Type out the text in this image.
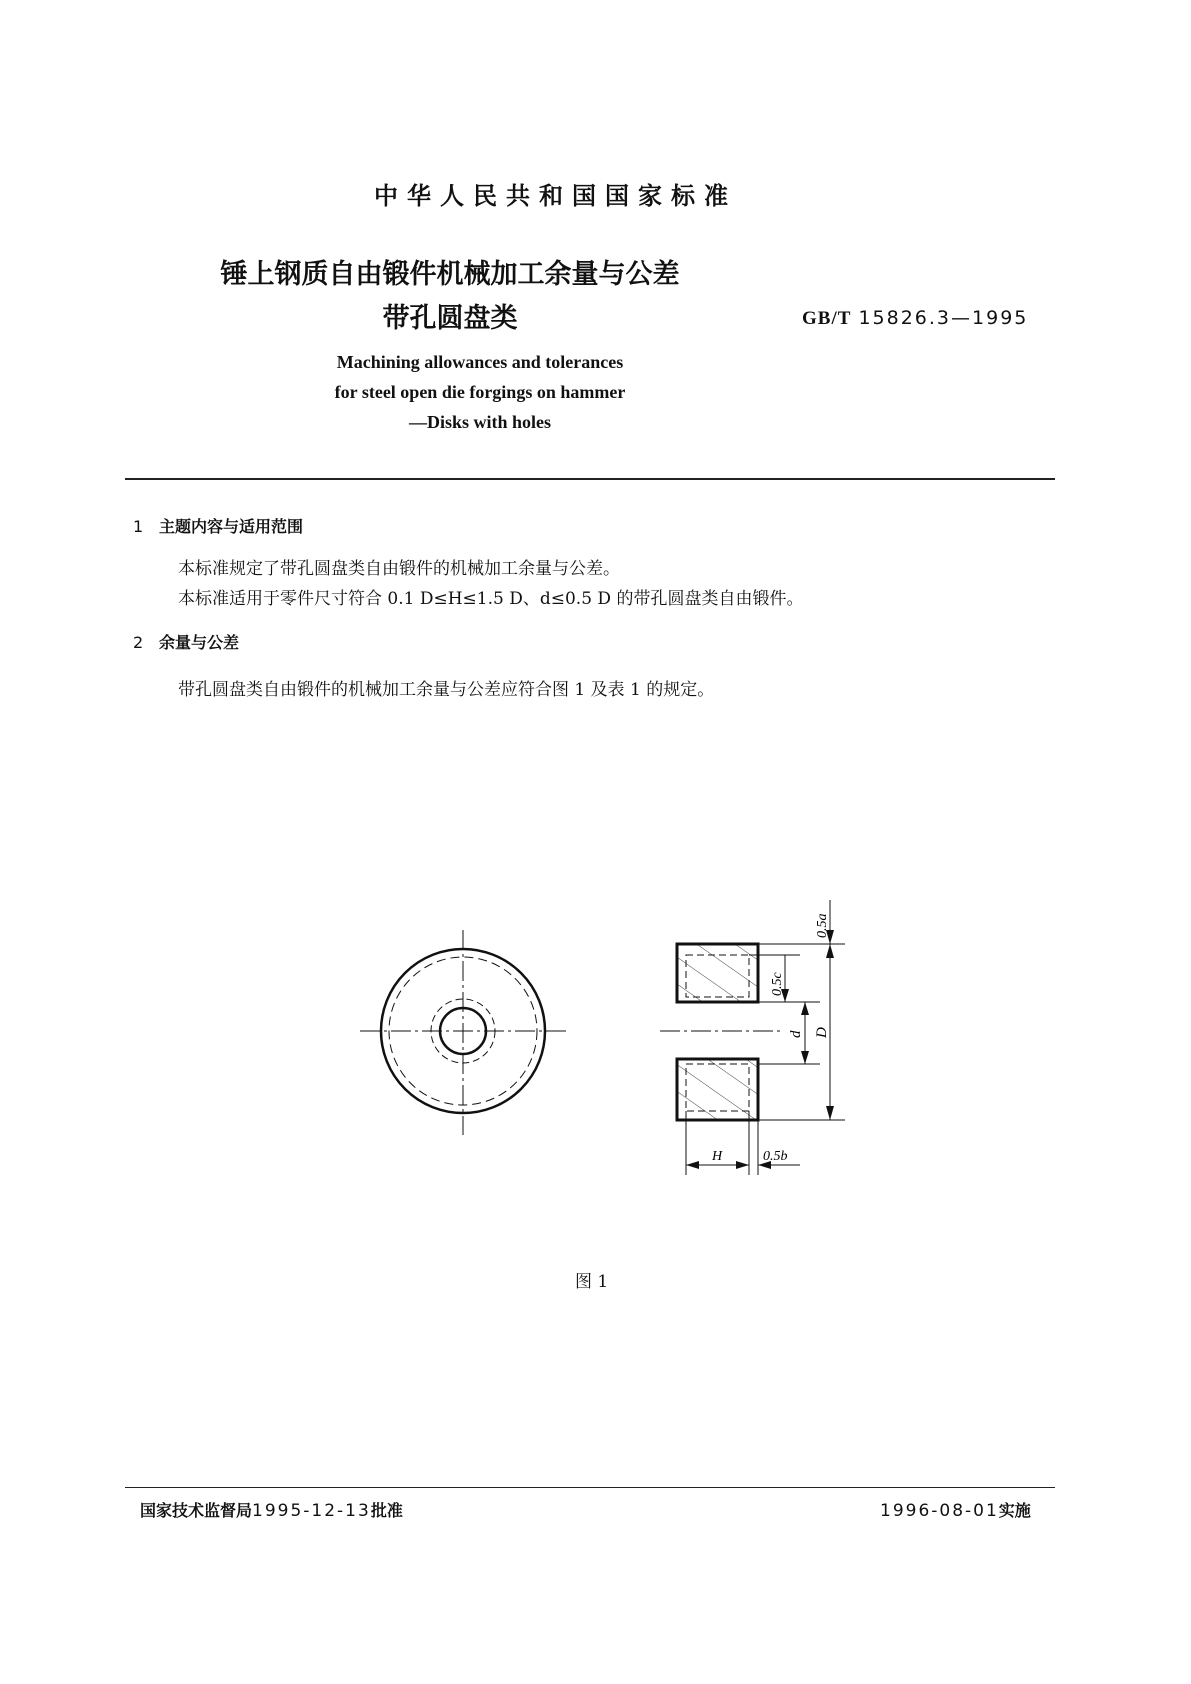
中华人民共和国国家标准
锤上钢质自由锻件机械加工余量与公差
带孔圆盘类	GB/T 15826.3—1995
Machining allowances and tolerances
for steel open die forgings on hammer
—Disks with holes
1 主题内容与适用范围
本标准规定了带孔圆盘类自由锻件的机械加工余量与公差。
本标准适用于零件尺寸符合 0.1 D≤H≤1.5 D、d≤0.5 D 的带孔圆盘类自由锻件。
2 余量与公差
带孔圆盘类自由锻件的机械加工余量与公差应符合图 1 及表 1 的规定。
0.5a
0.5c
d D
H	0.5b
图 1
国家技术监督局1995-12-13批准	1996-08-01实施
